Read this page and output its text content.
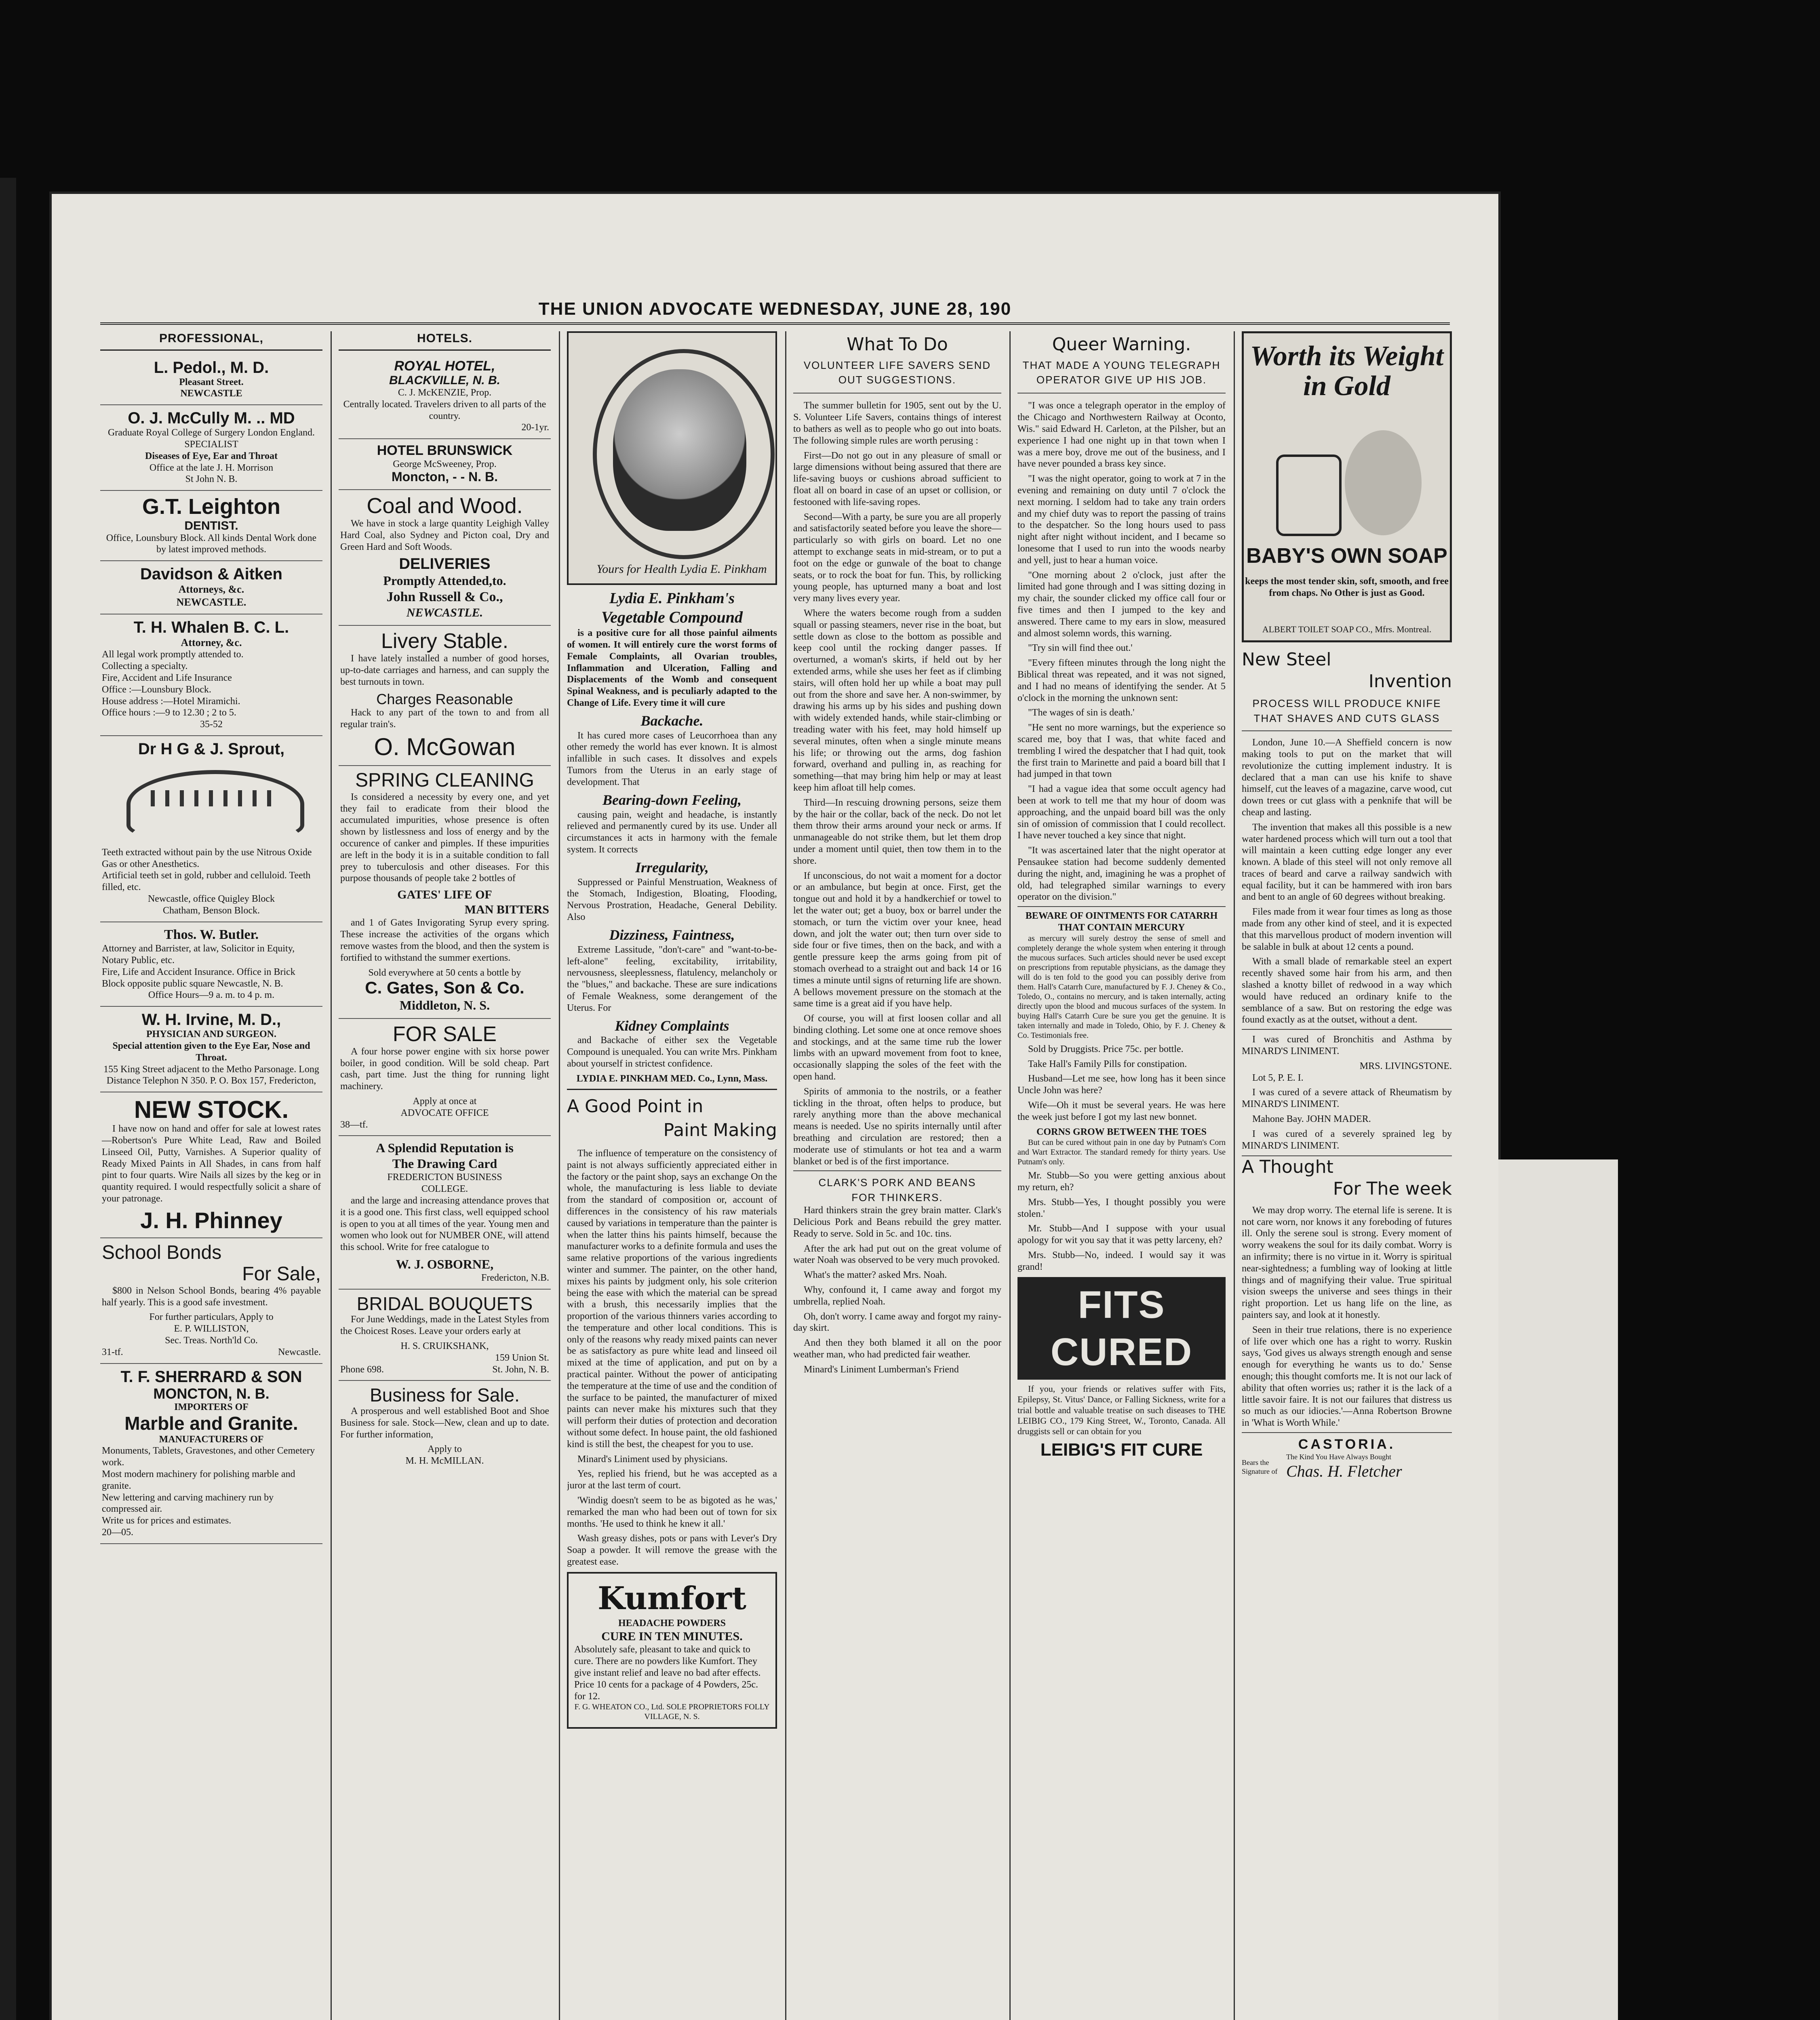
THE UNION ADVOCATE WEDNESDAY, JUNE 28, 190
PROFESSIONAL,
L. Pedol., M. D.
Pleasant Street.
NEWCASTLE
O. J. McCully M. .. MD
Graduate Royal College of Surgery London England.
SPECIALIST
Diseases of Eye, Ear and Throat
Office at the late J. H. Morrison
St John N. B.
G.T. Leighton
DENTIST.
Office, Lounsbury Block. All kinds Dental Work done by latest improved methods.
Davidson & Aitken
Attorneys, &c.
NEWCASTLE.
T. H. Whalen B. C. L.
Attorney, &c.
All legal work promptly attended to.
Collecting a specialty.
Fire, Accident and Life Insurance
Office :—Lounsbury Block.
House address :—Hotel Miramichi.
Office hours :—9 to 12.30 ; 2 to 5.
35-52
Dr H G & J. Sprout,
Teeth extracted without pain by the use Nitrous Oxide Gas or other Anesthetics.
Artificial teeth set in gold, rubber and celluloid. Teeth filled, etc.
Newcastle, office Quigley Block
Chatham, Benson Block.
Thos. W. Butler.
Attorney and Barrister, at law, Solicitor in Equity, Notary Public, etc.
Fire, Life and Accident Insurance. Office in Brick Block opposite public square Newcastle, N. B.
Office Hours—9 a. m. to 4 p. m.
W. H. Irvine, M. D.,
PHYSICIAN AND SURGEON.
Special attention given to the Eye Ear, Nose and Throat.
155 King Street adjacent to the Metho Parsonage. Long Distance Telephon N 350. P. O. Box 157, Fredericton,
NEW STOCK.

I have now on hand and offer for sale at lowest rates—Robertson's Pure White Lead, Raw and Boiled Linseed Oil, Putty, Varnishes. A Superior quality of Ready Mixed Paints in All Shades, in cans from half pint to four quarts. Wire Nails all sizes by the keg or in quantity required. I would respectfully solicit a share of your patronage.

J. H. Phinney
School Bonds
For Sale,

$800 in Nelson School Bonds, bearing 4% payable half yearly. This is a good safe investment.

For further particulars, Apply to
E. P. WILLISTON,
Sec. Treas. North'ld Co.
31-tf.	Newcastle.
T. F. SHERRARD & SON
MONCTON, N. B.
IMPORTERS OF
Marble and Granite.
MANUFACTURERS OF
Monuments, Tablets, Gravestones, and other Cemetery work.
Most modern machinery for polishing marble and granite.
New lettering and carving machinery run by compressed air.
Write us for prices and estimates.
20—05.
HOTELS.
ROYAL HOTEL,
BLACKVILLE, N. B.
C. J. McKENZIE, Prop.
Centrally located. Travelers driven to all parts of the country.
20-1yr.
HOTEL BRUNSWICK
George McSweeney, Prop.
Moncton, - - N. B.
Coal and Wood.

We have in stock a large quantity Leighigh Valley Hard Coal, also Sydney and Picton coal, Dry and Green Hard and Soft Woods.

DELIVERIES
Promptly Attended,to.
John Russell & Co.,
NEWCASTLE.
Livery Stable.

I have lately installed a number of good horses, up-to-date carriages and harness, and can supply the best turnouts in town.

Charges Reasonable

Hack to any part of the town to and from all regular train's.

O. McGowan
SPRING CLEANING

Is considered a necessity by every one, and yet they fail to eradicate from their blood the accumulated impurities, whose presence is often shown by listlessness and loss of energy and by the occurence of canker and pimples. If these impurities are left in the body it is in a suitable condition to fall prey to tuberculosis and other diseases. For this purpose thousands of people take 2 bottles of

GATES' LIFE OF
MAN BITTERS

and 1 of Gates Invigorating Syrup every spring. These increase the activities of the organs which remove wastes from the blood, and then the system is fortified to withstand the summer exertions.

Sold everywhere at 50 cents a bottle by
C. Gates, Son & Co.
Middleton, N. S.
FOR SALE

A four horse power engine with six horse power boiler, in good condition. Will be sold cheap. Part cash, part time. Just the thing for running light machinery.

Apply at once at
ADVOCATE OFFICE
38—tf.
A Splendid Reputation is
The Drawing Card
FREDERICTON BUSINESS
COLLEGE.

and the large and increasing attendance proves that it is a good one. This first class, well equipped school is open to you at all times of the year. Young men and women who look out for NUMBER ONE, will attend this school. Write for free catalogue to

W. J. OSBORNE,
Fredericton, N.B.
BRIDAL BOUQUETS

For June Weddings, made in the Latest Styles from the Choicest Roses. Leave your orders early at

H. S. CRUIKSHANK,
159 Union St.
Phone 698.	St. John, N. B.
Business for Sale.

A prosperous and well established Boot and Shoe Business for sale. Stock—New, clean and up to date. For further information,

Apply to
M. H. McMILLAN.
Yours for Health Lydia E. Pinkham
Lydia E. Pinkham's
Vegetable Compound

is a positive cure for all those painful ailments of women. It will entirely cure the worst forms of Female Complaints, all Ovarian troubles, Inflammation and Ulceration, Falling and Displacements of the Womb and consequent Spinal Weakness, and is peculiarly adapted to the Change of Life. Every time it will cure

Backache.

It has cured more cases of Leucorrhoea than any other remedy the world has ever known. It is almost infallible in such cases. It dissolves and expels Tumors from the Uterus in an early stage of development. That

Bearing-down Feeling,

causing pain, weight and headache, is instantly relieved and permanently cured by its use. Under all circumstances it acts in harmony with the female system. It corrects

Irregularity,

Suppressed or Painful Menstruation, Weakness of the Stomach, Indigestion, Bloating, Flooding, Nervous Prostration, Headache, General Debility. Also

Dizziness, Faintness,

Extreme Lassitude, "don't-care" and "want-to-be-left-alone" feeling, excitability, irritability, nervousness, sleeplessness, flatulency, melancholy or the "blues," and backache. These are sure indications of Female Weakness, some derangement of the Uterus. For

Kidney Complaints

and Backache of either sex the Vegetable Compound is unequaled. You can write Mrs. Pinkham about yourself in strictest confidence.

LYDIA E. PINKHAM MED. Co., Lynn, Mass.
A Good Point in
Paint Making

The influence of temperature on the consistency of paint is not always sufficiently appreciated either in the factory or the paint shop, says an exchange On the whole, the manufacturing is less liable to deviate from the standard of composition or, account of differences in the consistency of his raw materials caused by variations in temperature than the painter is when the latter thins his paints himself, because the manufacturer works to a definite formula and uses the same relative proportions of the various ingredients winter and summer. The painter, on the other hand, mixes his paints by judgment only, his sole criterion being the ease with which the material can be spread with a brush, this necessarily implies that the proportion of the various thinners varies according to the temperature and other local conditions. This is only of the reasons why ready mixed paints can never be as satisfactory as pure white lead and linseed oil mixed at the time of application, and put on by a practical painter. Without the power of anticipating the temperature at the time of use and the condition of the surface to be painted, the manufacturer of mixed paints can never make his mixtures such that they will perform their duties of protection and decoration without some defect. In house paint, the old fashioned kind is still the best, the cheapest for you to use.

Minard's Liniment used by physicians.

Yes, replied his friend, but he was accepted as a juror at the last term of court.

'Windig doesn't seem to be as bigoted as he was,' remarked the man who had been out of town for six months. 'He used to think he knew it all.'

Wash greasy dishes, pots or pans with Lever's Dry Soap a powder. It will remove the grease with the greatest ease.

Kumfort
HEADACHE POWDERS
CURE IN TEN MINUTES.
Absolutely safe, pleasant to take and quick to cure. There are no powders like Kumfort. They give instant relief and leave no bad after effects. Price 10 cents for a package of 4 Powders, 25c. for 12.
F. G. WHEATON CO., Ltd. SOLE PROPRIETORS FOLLY VILLAGE, N. S.
What To Do
VOLUNTEER LIFE SAVERS SEND OUT SUGGESTIONS.

The summer bulletin for 1905, sent out by the U. S. Volunteer Life Savers, contains things of interest to bathers as well as to people who go out into boats. The following simple rules are worth perusing :

First—Do not go out in any pleasure of small or large dimensions without being assured that there are life-saving buoys or cushions abroad sufficient to float all on board in case of an upset or collision, or festooned with life-saving ropes.

Second—With a party, be sure you are all properly and satisfactorily seated before you leave the shore—particularly so with girls on board. Let no one attempt to exchange seats in mid-stream, or to put a foot on the edge or gunwale of the boat to change seats, or to rock the boat for fun. This, by rollicking young people, has upturned many a boat and lost very many lives every year.

Where the waters become rough from a sudden squall or passing steamers, never rise in the boat, but settle down as close to the bottom as possible and keep cool until the rocking danger passes. If overturned, a woman's skirts, if held out by her extended arms, while she uses her feet as if climbing stairs, will often hold her up while a boat may pull out from the shore and save her. A non-swimmer, by drawing his arms up by his sides and pushing down with widely extended hands, while stair-climbing or treading water with his feet, may hold himself up several minutes, often when a single minute means his life; or throwing out the arms, dog fashion forward, overhand and pulling in, as reaching for something—that may bring him help or may at least keep him afloat till help comes.

Third—In rescuing drowning persons, seize them by the hair or the collar, back of the neck. Do not let them throw their arms around your neck or arms. If unmanageable do not strike them, but let them drop under a moment until quiet, then tow them in to the shore.

If unconscious, do not wait a moment for a doctor or an ambulance, but begin at once. First, get the tongue out and hold it by a handkerchief or towel to let the water out; get a buoy, box or barrel under the stomach, or turn the victim over your knee, head down, and jolt the water out; then turn over side to side four or five times, then on the back, and with a gentle pressure keep the arms going from pit of stomach overhead to a straight out and back 14 or 16 times a minute until signs of returning life are shown. A bellows movement pressure on the stomach at the same time is a great aid if you have help.

Of course, you will at first loosen collar and all binding clothing. Let some one at once remove shoes and stockings, and at the same time rub the lower limbs with an upward movement from foot to knee, occasionally slapping the soles of the feet with the open hand.

Spirits of ammonia to the nostrils, or a feather tickling in the throat, often helps to produce, but rarely anything more than the above mechanical means is needed. Use no spirits internally until after breathing and circulation are restored; then a moderate use of stimulants or hot tea and a warm blanket or bed is of the first importance.

CLARK'S PORK AND BEANS
FOR THINKERS.

Hard thinkers strain the grey brain matter. Clark's Delicious Pork and Beans rebuild the grey matter. Ready to serve. Sold in 5c. and 10c. tins.

After the ark had put out on the great volume of water Noah was observed to be very much provoked.

What's the matter? asked Mrs. Noah.

Why, confound it, I came away and forgot my umbrella, replied Noah.

Oh, don't worry. I came away and forgot my rainy-day skirt.

And then they both blamed it all on the poor weather man, who had predicted fair weather.

Minard's Liniment Lumberman's Friend

Queer Warning.
THAT MADE A YOUNG TELEGRAPH OPERATOR GIVE UP HIS JOB.

"I was once a telegraph operator in the employ of the Chicago and Northwestern Railway at Oconto, Wis." said Edward H. Carleton, at the Pilsher, but an experience I had one night up in that town when I was a mere boy, drove me out of the business, and I have never pounded a brass key since.

"I was the night operator, going to work at 7 in the evening and remaining on duty until 7 o'clock the next morning. I seldom had to take any train orders and my chief duty was to report the passing of trains to the despatcher. So the long hours used to pass night after night without incident, and I became so lonesome that I used to run into the woods nearby and yell, just to hear a human voice.

"One morning about 2 o'clock, just after the limited had gone through and I was sitting dozing in my chair, the sounder clicked my office call four or five times and then I jumped to the key and answered. There came to my ears in slow, measured and almost solemn words, this warning.

"Try sin will find thee out.'

"Every fifteen minutes through the long night the Biblical threat was repeated, and it was not signed, and I had no means of identifying the sender. At 5 o'clock in the morning the unknown sent:

"The wages of sin is death.'

"He sent no more warnings, but the experience so scared me, boy that I was, that white faced and trembling I wired the despatcher that I had quit, took the first train to Marinette and paid a board bill that I had jumped in that town

"I had a vague idea that some occult agency had been at work to tell me that my hour of doom was approaching, and the unpaid board bill was the only sin of omission of commission that I could recollect. I have never touched a key since that night.

"It was ascertained later that the night operator at Pensaukee station had become suddenly demented during the night, and, imagining he was a prophet of old, had telegraphed similar warnings to every operator on the division."

BEWARE OF OINTMENTS FOR CATARRH THAT CONTAIN MERCURY

as mercury will surely destroy the sense of smell and completely derange the whole system when entering it through the mucous surfaces. Such articles should never be used except on prescriptions from reputable physicians, as the damage they will do is ten fold to the good you can possibly derive from them. Hall's Catarrh Cure, manufactured by F. J. Cheney & Co., Toledo, O., contains no mercury, and is taken internally, acting directly upon the blood and mucous surfaces of the system. In buying Hall's Catarrh Cure be sure you get the genuine. It is taken internally and made in Toledo, Ohio, by F. J. Cheney & Co. Testimonials free.

Sold by Druggists. Price 75c. per bottle.

Take Hall's Family Pills for constipation.

Husband—Let me see, how long has it been since Uncle John was here?

Wife—Oh it must be several years. He was here the week just before I got my last new bonnet.

CORNS GROW BETWEEN THE TOES

But can be cured without pain in one day by Putnam's Corn and Wart Extractor. The standard remedy for thirty years. Use Putnam's only.

Mr. Stubb—So you were getting anxious about my return, eh?

Mrs. Stubb—Yes, I thought possibly you were stolen.'

Mr. Stubb—And I suppose with your usual apology for wit you say that it was petty larceny, eh?

Mrs. Stubb—No, indeed. I would say it was grand!

FITS CURED

If you, your friends or relatives suffer with Fits, Epilepsy, St. Vitus' Dance, or Falling Sickness, write for a trial bottle and valuable treatise on such diseases to THE LEIBIG CO., 179 King Street, W., Toronto, Canada. All druggists sell or can obtain for you

LEIBIG'S FIT CURE
Worth its Weight in Gold
BABY'S OWN SOAP
keeps the most tender skin, soft, smooth, and free from chaps. No Other is just as Good.
ALBERT TOILET SOAP CO., Mfrs. Montreal.
New Steel
Invention
PROCESS WILL PRODUCE KNIFE THAT SHAVES AND CUTS GLASS

London, June 10.—A Sheffield concern is now making tools to put on the market that will revolutionize the cutting implement industry. It is declared that a man can use his knife to shave himself, cut the leaves of a magazine, carve wood, cut down trees or cut glass with a penknife that will be cheap and lasting.

The invention that makes all this possible is a new water hardened process which will turn out a tool that will maintain a keen cutting edge longer any ever known. A blade of this steel will not only remove all traces of beard and carve a railway sandwich with equal facility, but it can be hammered with iron bars and bent to an angle of 60 degrees without breaking.

Files made from it wear four times as long as those made from any other kind of steel, and it is expected that this marvellous product of modern invention will be salable in bulk at about 12 cents a pound.

With a small blade of remarkable steel an expert recently shaved some hair from his arm, and then slashed a knotty billet of redwood in a way which would have reduced an ordinary knife to the semblance of a saw. But on restoring the edge was found exactly as at the outset, without a dent.

I was cured of Bronchitis and Asthma by MINARD'S LINIMENT.

MRS. LIVINGSTONE.

Lot 5, P. E. I.

I was cured of a severe attack of Rheumatism by MINARD'S LINIMENT.

Mahone Bay. JOHN MADER.

I was cured of a severely sprained leg by MINARD'S LINIMENT.

A Thought
For The week

We may drop worry. The eternal life is serene. It is not care worn, nor knows it any foreboding of futures ill. Only the serene soul is strong. Every moment of worry weakens the soul for its daily combat. Worry is an infirmity; there is no virtue in it. Worry is spiritual near-sightedness; a fumbling way of looking at little things and of magnifying their value. True spiritual vision sweeps the universe and sees things in their right proportion. Let us hang life on the line, as painters say, and look at it honestly.

Seen in their true relations, there is no experience of life over which one has a right to worry. Ruskin says, 'God gives us always strength enough and sense enough for everything he wants us to do.' Sense enough; this thought comforts me. It is not our lack of ability that often worries us; rather it is the lack of a little savoir faire. It is not our failures that distress us so much as our idiocies.'—Anna Robertson Browne in 'What is Worth While.'

CASTORIA.
Bears the Signature of
The Kind You Have Always Bought
Chas. H. Fletcher
